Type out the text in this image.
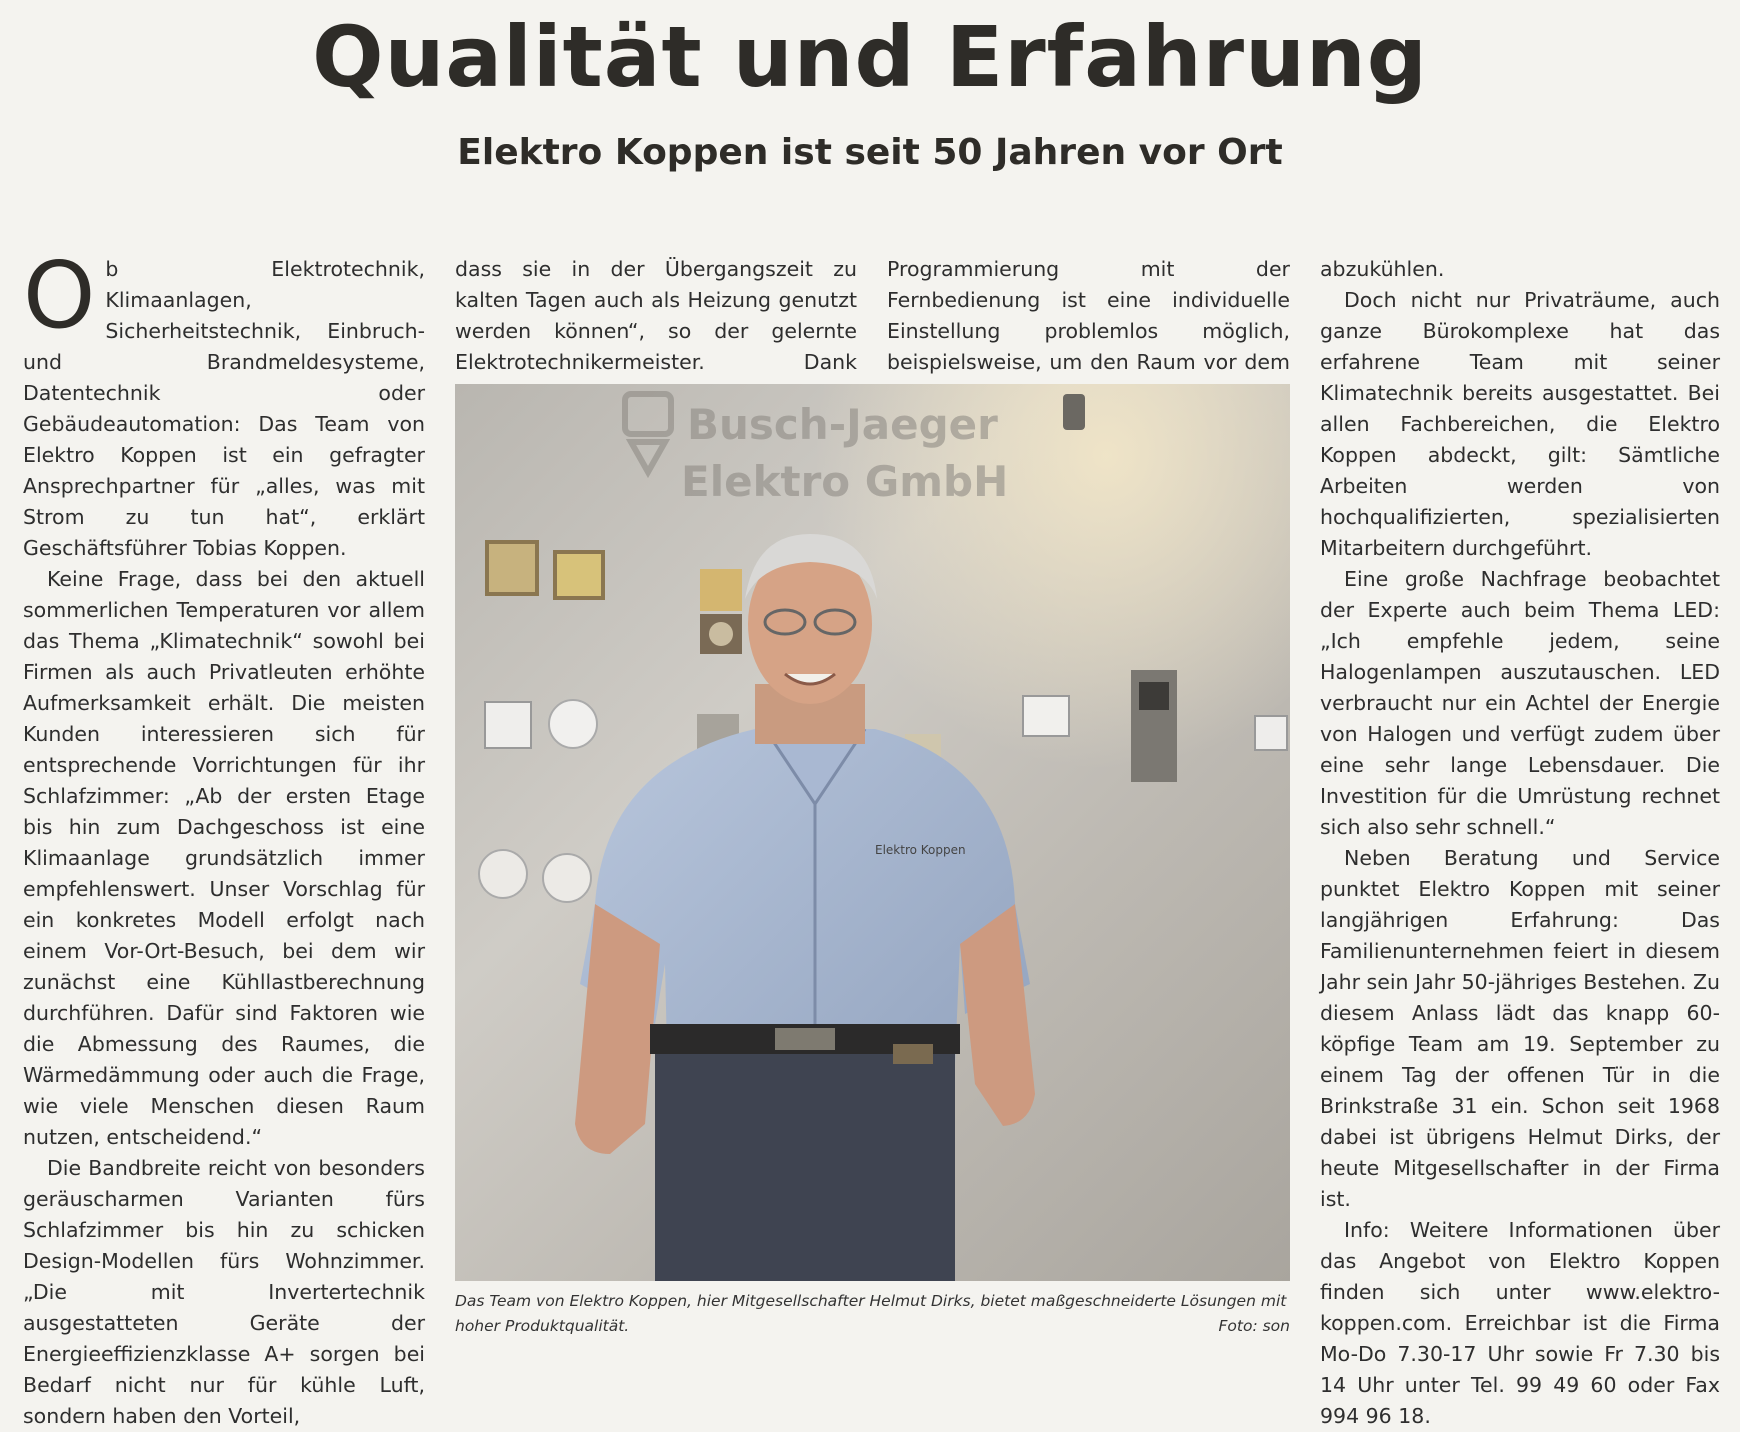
Qualität und Erfahrung
Elektro Koppen ist seit 50 Jahren vor Ort

O b Elektrotechnik, Klimaanlagen, Sicherheitstechnik, Einbruch- und Brandmeldesysteme, Datentechnik oder Gebäudeautomation: Das Team von Elektro Koppen ist ein gefragter Ansprechpartner für „alles, was mit Strom zu tun hat“, erklärt Geschäftsführer Tobias Koppen.

Keine Frage, dass bei den aktuell sommerlichen Temperaturen vor allem das Thema „Klimatechnik“ sowohl bei Firmen als auch Privatleuten erhöhte Aufmerksamkeit erhält. Die meisten Kunden interessieren sich für entsprechende Vorrichtungen für ihr Schlafzimmer: „Ab der ersten Etage bis hin zum Dachgeschoss ist eine Klimaanlage grundsätzlich immer empfehlenswert. Unser Vorschlag für ein konkretes Modell erfolgt nach einem Vor-Ort-Besuch, bei dem wir zunächst eine Kühllastberechnung durchführen. Dafür sind Faktoren wie die Abmessung des Raumes, die Wärmedämmung oder auch die Frage, wie viele Menschen diesen Raum nutzen, entscheidend.“

Die Bandbreite reicht von besonders geräuscharmen Varianten fürs Schlafzimmer bis hin zu schicken Design-Modellen fürs Wohnzimmer. „Die mit Invertertechnik ausgestatteten Geräte der Energieeffizienzklasse A+ sorgen bei Bedarf nicht nur für kühle Luft, sondern haben den Vorteil,

dass sie in der Übergangszeit zu kalten Tagen auch als Heizung genutzt werden können“, so der gelernte Elektrotechnikermeister. Dank

Programmierung mit der Fernbedienung ist eine individuelle Einstellung problemlos möglich, beispielsweise, um den Raum vor dem

Busch-Jaeger
Elektro GmbH
Elektro Koppen
Das Team von Elektro Koppen, hier Mitgesellschafter Helmut Dirks, bietet maßgeschneiderte Lösungen mit hoher Produktqualität.	Foto: son

abzukühlen.

Doch nicht nur Privaträume, auch ganze Bürokomplexe hat das erfahrene Team mit seiner Klimatechnik bereits ausgestattet. Bei allen Fachbereichen, die Elektro Koppen abdeckt, gilt: Sämtliche Arbeiten werden von hochqualifizierten, spezialisierten Mitarbeitern durchgeführt.

Eine große Nachfrage beobachtet der Experte auch beim Thema LED: „Ich empfehle jedem, seine Halogenlampen auszutauschen. LED verbraucht nur ein Achtel der Energie von Halogen und verfügt zudem über eine sehr lange Lebensdauer. Die Investition für die Umrüstung rechnet sich also sehr schnell.“

Neben Beratung und Service punktet Elektro Koppen mit seiner langjährigen Erfahrung: Das Familienunternehmen feiert in diesem Jahr sein Jahr 50-jähriges Bestehen. Zu diesem Anlass lädt das knapp 60-köpfige Team am 19. September zu einem Tag der offenen Tür in die Brinkstraße 31 ein. Schon seit 1968 dabei ist übrigens Helmut Dirks, der heute Mitgesellschafter in der Firma ist.

Info: Weitere Informationen über das Angebot von Elektro Koppen finden sich unter www.elektro-koppen.com. Erreichbar ist die Firma Mo-Do 7.30-17 Uhr sowie Fr 7.30 bis 14 Uhr unter Tel. 99 49 60 oder Fax 994 96 18.
